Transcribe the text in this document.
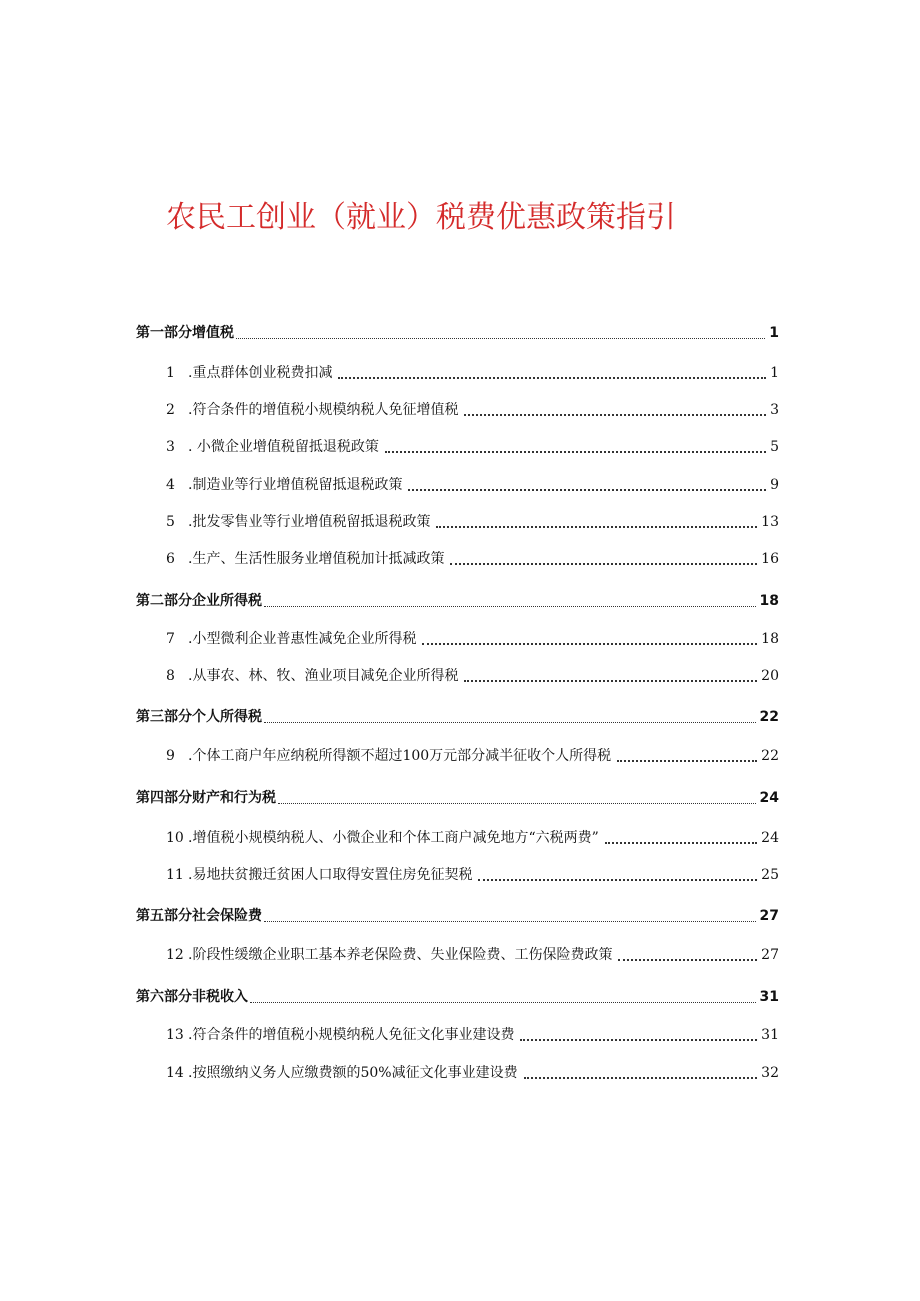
农民工创业（就业）税费优惠政策指引
第一部分增值税	1
1 .重点群体创业税费扣减	1
2 .符合条件的增值税小规模纳税人免征增值税	3
3 . 小微企业增值税留抵退税政策	5
4 .制造业等行业增值税留抵退税政策	9
5 .批发零售业等行业增值税留抵退税政策	13
6 .生产、生活性服务业增值税加计抵减政策	16
第二部分企业所得税	18
7 .小型微利企业普惠性减免企业所得税	18
8 .从事农、林、牧、渔业项目减免企业所得税	20
第三部分个人所得税	22
9 .个体工商户年应纳税所得额不超过100万元部分减半征收个人所得税	22
第四部分财产和行为税	24
10 .增值税小规模纳税人、小微企业和个体工商户减免地方“六税两费”	24
11 .易地扶贫搬迁贫困人口取得安置住房免征契税	25
第五部分社会保险费	27
12 .阶段性缓缴企业职工基本养老保险费、失业保险费、工伤保险费政策	27
第六部分非税收入	31
13 .符合条件的增值税小规模纳税人免征文化事业建设费	31
14 .按照缴纳义务人应缴费额的50%减征文化事业建设费	32
